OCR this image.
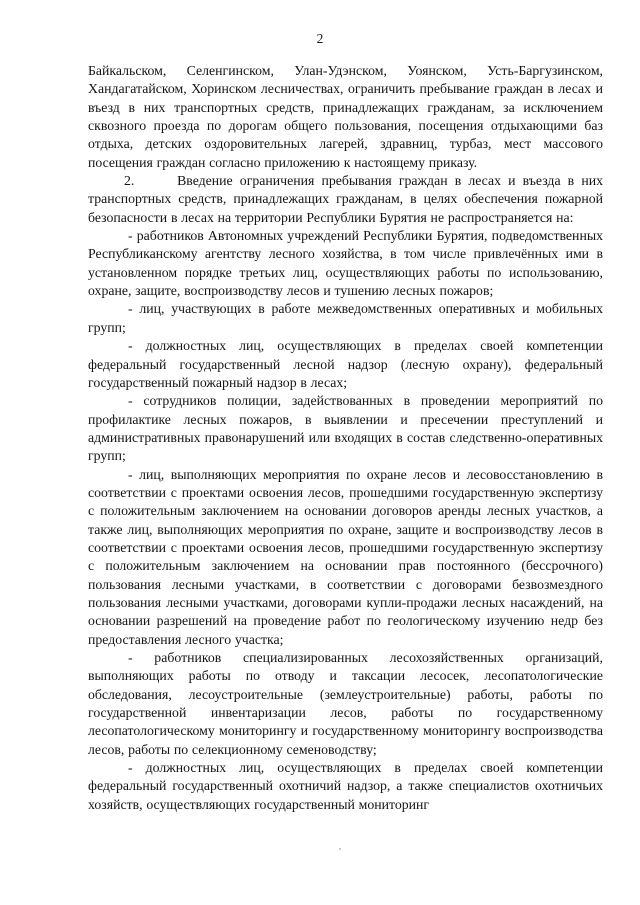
2

Байкальском, Селенгинском, Улан-Удэнском, Уоянском, Усть-Баргузинском, Хандагатайском, Хоринском лесничествах, ограничить пребывание граждан в лесах и въезд в них транспортных средств, принадлежащих гражданам, за исключением сквозного проезда по дорогам общего пользования, посещения отдыхающими баз отдыха, детских оздоровительных лагерей, здравниц, турбаз, мест массового посещения граждан согласно приложению к настоящему приказу.

2.      Введение ограничения пребывания граждан в лесах и въезда в них транспортных средств, принадлежащих гражданам, в целях обеспечения пожарной безопасности в лесах на территории Республики Бурятия не распространяется на:

- работников Автономных учреждений Республики Бурятия, подведомственных Республиканскому агентству лесного хозяйства, в том числе привлечённых ими в установленном порядке третьих лиц, осуществляющих работы по использованию, охране, защите, воспроизводству лесов и тушению лесных пожаров;

- лиц, участвующих в работе межведомственных оперативных и мобильных групп;

- должностных лиц, осуществляющих в пределах своей компетенции федеральный государственный лесной надзор (лесную охрану), федеральный государственный пожарный надзор в лесах;

- сотрудников полиции, задействованных в проведении мероприятий по профилактике лесных пожаров, в выявлении и пресечении преступлений и административных правонарушений или входящих в состав следственно-оперативных групп;

- лиц, выполняющих мероприятия по охране лесов и лесовосстановлению в соответствии с проектами освоения лесов, прошедшими государственную экспертизу с положительным заключением на основании договоров аренды лесных участков, а также лиц, выполняющих мероприятия по охране, защите и воспроизводству лесов в соответствии с проектами освоения лесов, прошедшими государственную экспертизу с положительным заключением на основании прав постоянного (бессрочного) пользования лесными участками, в соответствии с договорами безвозмездного пользования лесными участками, договорами купли-продажи лесных насаждений, на основании разрешений на проведение работ по геологическому изучению недр без предоставления лесного участка;

- работников специализированных лесохозяйственных организаций, выполняющих работы по отводу и таксации лесосек, лесопатологические обследования, лесоустроительные (землеустроительные) работы, работы по государственной инвентаризации лесов, работы по государственному лесопатологическому мониторингу и государственному мониторингу воспроизводства лесов, работы по селекционному семеноводству;

- должностных лиц, осуществляющих в пределах своей компетенции федеральный государственный охотничий надзор, а также специалистов охотничьих хозяйств, осуществляющих государственный мониторинг
